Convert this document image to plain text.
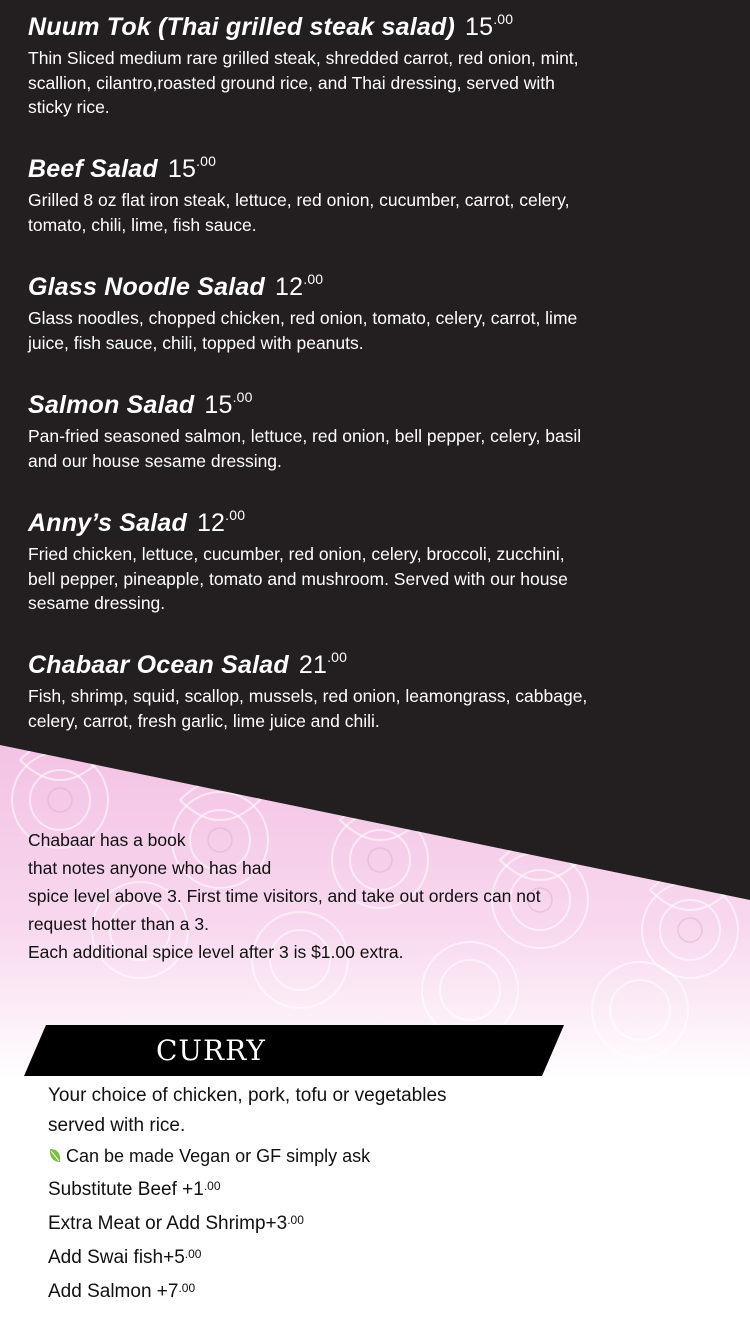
Nuum Tok (Thai grilled steak salad) $15^{.00}$
Thin Sliced medium rare grilled steak, shredded carrot, red onion, mint,
scallion, cilantro,roasted ground rice, and Thai dressing, served with
sticky rice.
Beef Salad $15^{.00}$
Grilled 8 oz flat iron steak, lettuce, red onion, cucumber, carrot, celery,
tomato, chili, lime, fish sauce.
Glass Noodle Salad $12^{.00}$
Glass noodles, chopped chicken, red onion, tomato, celery, carrot, lime
juice, fish sauce, chili, topped with peanuts.
Salmon Salad $15^{.00}$
Pan-fried seasoned salmon, lettuce, red onion, bell pepper, celery, basil
and our house sesame dressing.
Anny’s Salad $12^{.00}$
Fried chicken, lettuce, cucumber, red onion, celery, broccoli, zucchini,
bell pepper, pineapple, tomato and mushroom. Served with our house
sesame dressing.
Chabaar Ocean Salad $21^{.00}$
Fish, shrimp, squid, scallop, mussels, red onion, leamongrass, cabbage,
celery, carrot, fresh garlic, lime juice and chili.
Chabaar has a book
that notes anyone who has had
spice level above 3. First time visitors, and take out orders can not
request hotter than a 3.
Each additional spice level after 3 is $1.00 extra.
CURRY
Your choice of chicken, pork, tofu or vegetables
served with rice.
Can be made Vegan or GF simply ask
Substitute Beef $+1^{.00}$
Extra Meat or Add $Shrimp+3^{.00}$
Add Swai $fish+5^{.00}$
Add Salmon $+7^{.00}$
